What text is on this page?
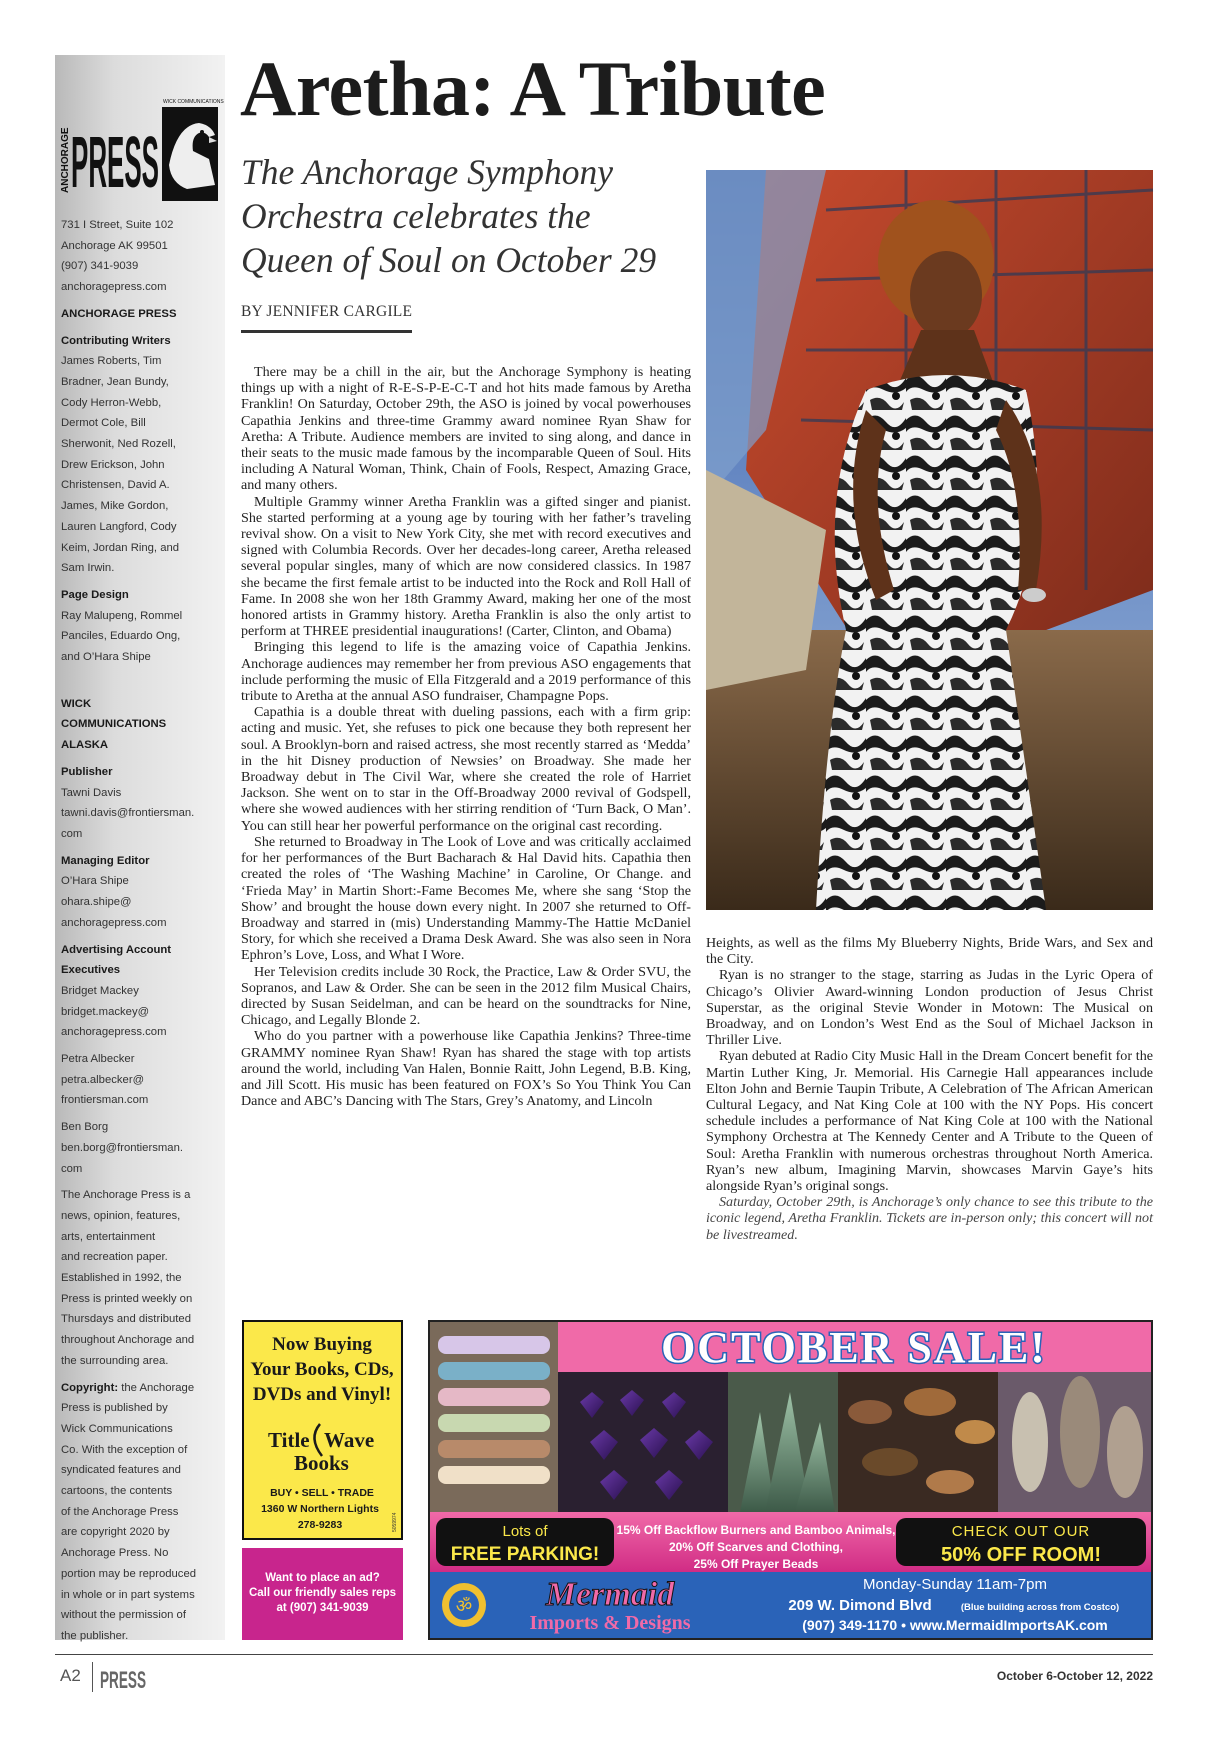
ANCHORAGE PRESS
WICK COMMUNICATIONS
731 I Street, Suite 102
Anchorage AK 99501
(907) 341-9039
anchoragepress.com
ANCHORAGE PRESS
Contributing Writers
James Roberts, Tim
Bradner, Jean Bundy,
Cody Herron-Webb,
Dermot Cole, Bill
Sherwonit, Ned Rozell,
Drew Erickson, John
Christensen, David A.
James, Mike Gordon,
Lauren Langford, Cody
Keim, Jordan Ring, and
Sam Irwin.
Page Design
Ray Malupeng, Rommel
Panciles, Eduardo Ong,
and O’Hara Shipe
WICK
COMMUNICATIONS
ALASKA
Publisher
Tawni Davis
tawni.davis@frontiersman.
com
Managing Editor
O’Hara Shipe
ohara.shipe@
anchoragepress.com
Advertising Account
Executives
Bridget Mackey
bridget.mackey@
anchoragepress.com
Petra Albecker
petra.albecker@
frontiersman.com
Ben Borg
ben.borg@frontiersman.
com
The Anchorage Press is a
news, opinion, features,
arts, entertainment
and recreation paper.
Established in 1992, the
Press is printed weekly on
Thursdays and distributed
throughout Anchorage and
the surrounding area.
Copyright: the Anchorage
Press is published by
Wick Communications
Co. With the exception of
syndicated features and
cartoons, the contents
of the Anchorage Press
are copyright 2020 by
Anchorage Press. No
portion may be reproduced
in whole or in part systems
without the permission of
the publisher.
Aretha: A Tribute
The Anchorage Symphony Orchestra celebrates the Queen of Soul on October 29
BY JENNIFER CARGILE

There may be a chill in the air, but the Anchorage Symphony is heating things up with a night of R-E-S-P-E-C-T and hot hits made famous by Aretha Franklin! On Saturday, October 29th, the ASO is joined by vocal powerhouses Capathia Jenkins and three-time Grammy award nominee Ryan Shaw for Aretha: A Tribute. Audience members are invited to sing along, and dance in their seats to the music made famous by the incomparable Queen of Soul. Hits including A Natural Woman, Think, Chain of Fools, Respect, Amazing Grace, and many others.

Multiple Grammy winner Aretha Franklin was a gifted singer and pianist. She started performing at a young age by touring with her father’s traveling revival show. On a visit to New York City, she met with record executives and signed with Columbia Records. Over her decades-long career, Aretha released several popular singles, many of which are now considered classics. In 1987 she became the first female artist to be inducted into the Rock and Roll Hall of Fame. In 2008 she won her 18th Grammy Award, making her one of the most honored artists in Grammy history. Aretha Franklin is also the only artist to perform at THREE presidential inaugurations! (Carter, Clinton, and Obama)

Bringing this legend to life is the amazing voice of Capathia Jenkins. Anchorage audiences may remember her from previous ASO engagements that include performing the music of Ella Fitzgerald and a 2019 performance of this tribute to Aretha at the annual ASO fundraiser, Champagne Pops.

Capathia is a double threat with dueling passions, each with a firm grip: acting and music. Yet, she refuses to pick one because they both represent her soul. A Brooklyn-born and raised actress, she most recently starred as ‘Medda’ in the hit Disney production of Newsies’ on Broadway. She made her Broadway debut in The Civil War, where she created the role of Harriet Jackson. She went on to star in the Off-Broadway 2000 revival of Godspell, where she wowed audiences with her stirring rendition of ‘Turn Back, O Man’. You can still hear her powerful performance on the original cast recording.

She returned to Broadway in The Look of Love and was critically acclaimed for her performances of the Burt Bacharach & Hal David hits. Capathia then created the roles of ‘The Washing Machine’ in Caroline, Or Change. and ‘Frieda May’ in Martin Short:-Fame Becomes Me, where she sang ‘Stop the Show’ and brought the house down every night. In 2007 she returned to Off-Broadway and starred in (mis) Understanding Mammy-The Hattie McDaniel Story, for which she received a Drama Desk Award. She was also seen in Nora Ephron’s Love, Loss, and What I Wore.

Her Television credits include 30 Rock, the Practice, Law & Order SVU, the Sopranos, and Law & Order. She can be seen in the 2012 film Musical Chairs, directed by Susan Seidelman, and can be heard on the soundtracks for Nine, Chicago, and Legally Blonde 2.

Who do you partner with a powerhouse like Capathia Jenkins? Three-time GRAMMY nominee Ryan Shaw! Ryan has shared the stage with top artists around the world, including Van Halen, Bonnie Raitt, John Legend, B.B. King, and Jill Scott. His music has been featured on FOX’s So You Think You Can Dance and ABC’s Dancing with The Stars, Grey’s Anatomy, and Lincoln

Heights, as well as the films My Blueberry Nights, Bride Wars, and Sex and the City.

Ryan is no stranger to the stage, starring as Judas in the Lyric Opera of Chicago’s Olivier Award-winning London production of Jesus Christ Superstar, as the original Stevie Wonder in Motown: The Musical on Broadway, and on London’s West End as the Soul of Michael Jackson in Thriller Live.

Ryan debuted at Radio City Music Hall in the Dream Concert benefit for the Martin Luther King, Jr. Memorial. His Carnegie Hall appearances include Elton John and Bernie Taupin Tribute, A Celebration of The African American Cultural Legacy, and Nat King Cole at 100 with the NY Pops. His concert schedule includes a performance of Nat King Cole at 100 with the National Symphony Orchestra at The Kennedy Center and A Tribute to the Queen of Soul: Aretha Franklin with numerous orchestras throughout North America. Ryan’s new album, Imagining Marvin, showcases Marvin Gaye’s hits alongside Ryan’s original songs.

Saturday, October 29th, is Anchorage’s only chance to see this tribute to the iconic legend, Aretha Franklin. Tickets are in-person only; this concert will not be livestreamed.

Now Buying
Your Books, CDs,
DVDs and Vinyl!
Title Wave
Books
BUY • SELL • TRADE
1360 W Northern Lights
278-9283	5059974
Want to place an ad?
Call our friendly sales reps
at (907) 341-9039
OCTOBER SALE!
Lots of
FREE PARKING!
15% Off Backflow Burners and Bamboo Animals,
20% Off Scarves and Clothing,
25% Off Prayer Beads
CHECK OUT OUR
50% OFF ROOM!
ॐ Mermaid
Imports & Designs
Monday-Sunday 11am-7pm
209 W. Dimond Blvd	(Blue building across from Costco)
(907) 349-1170 • www.MermaidImportsAK.com
A2 PRESS	October 6-October 12, 2022
